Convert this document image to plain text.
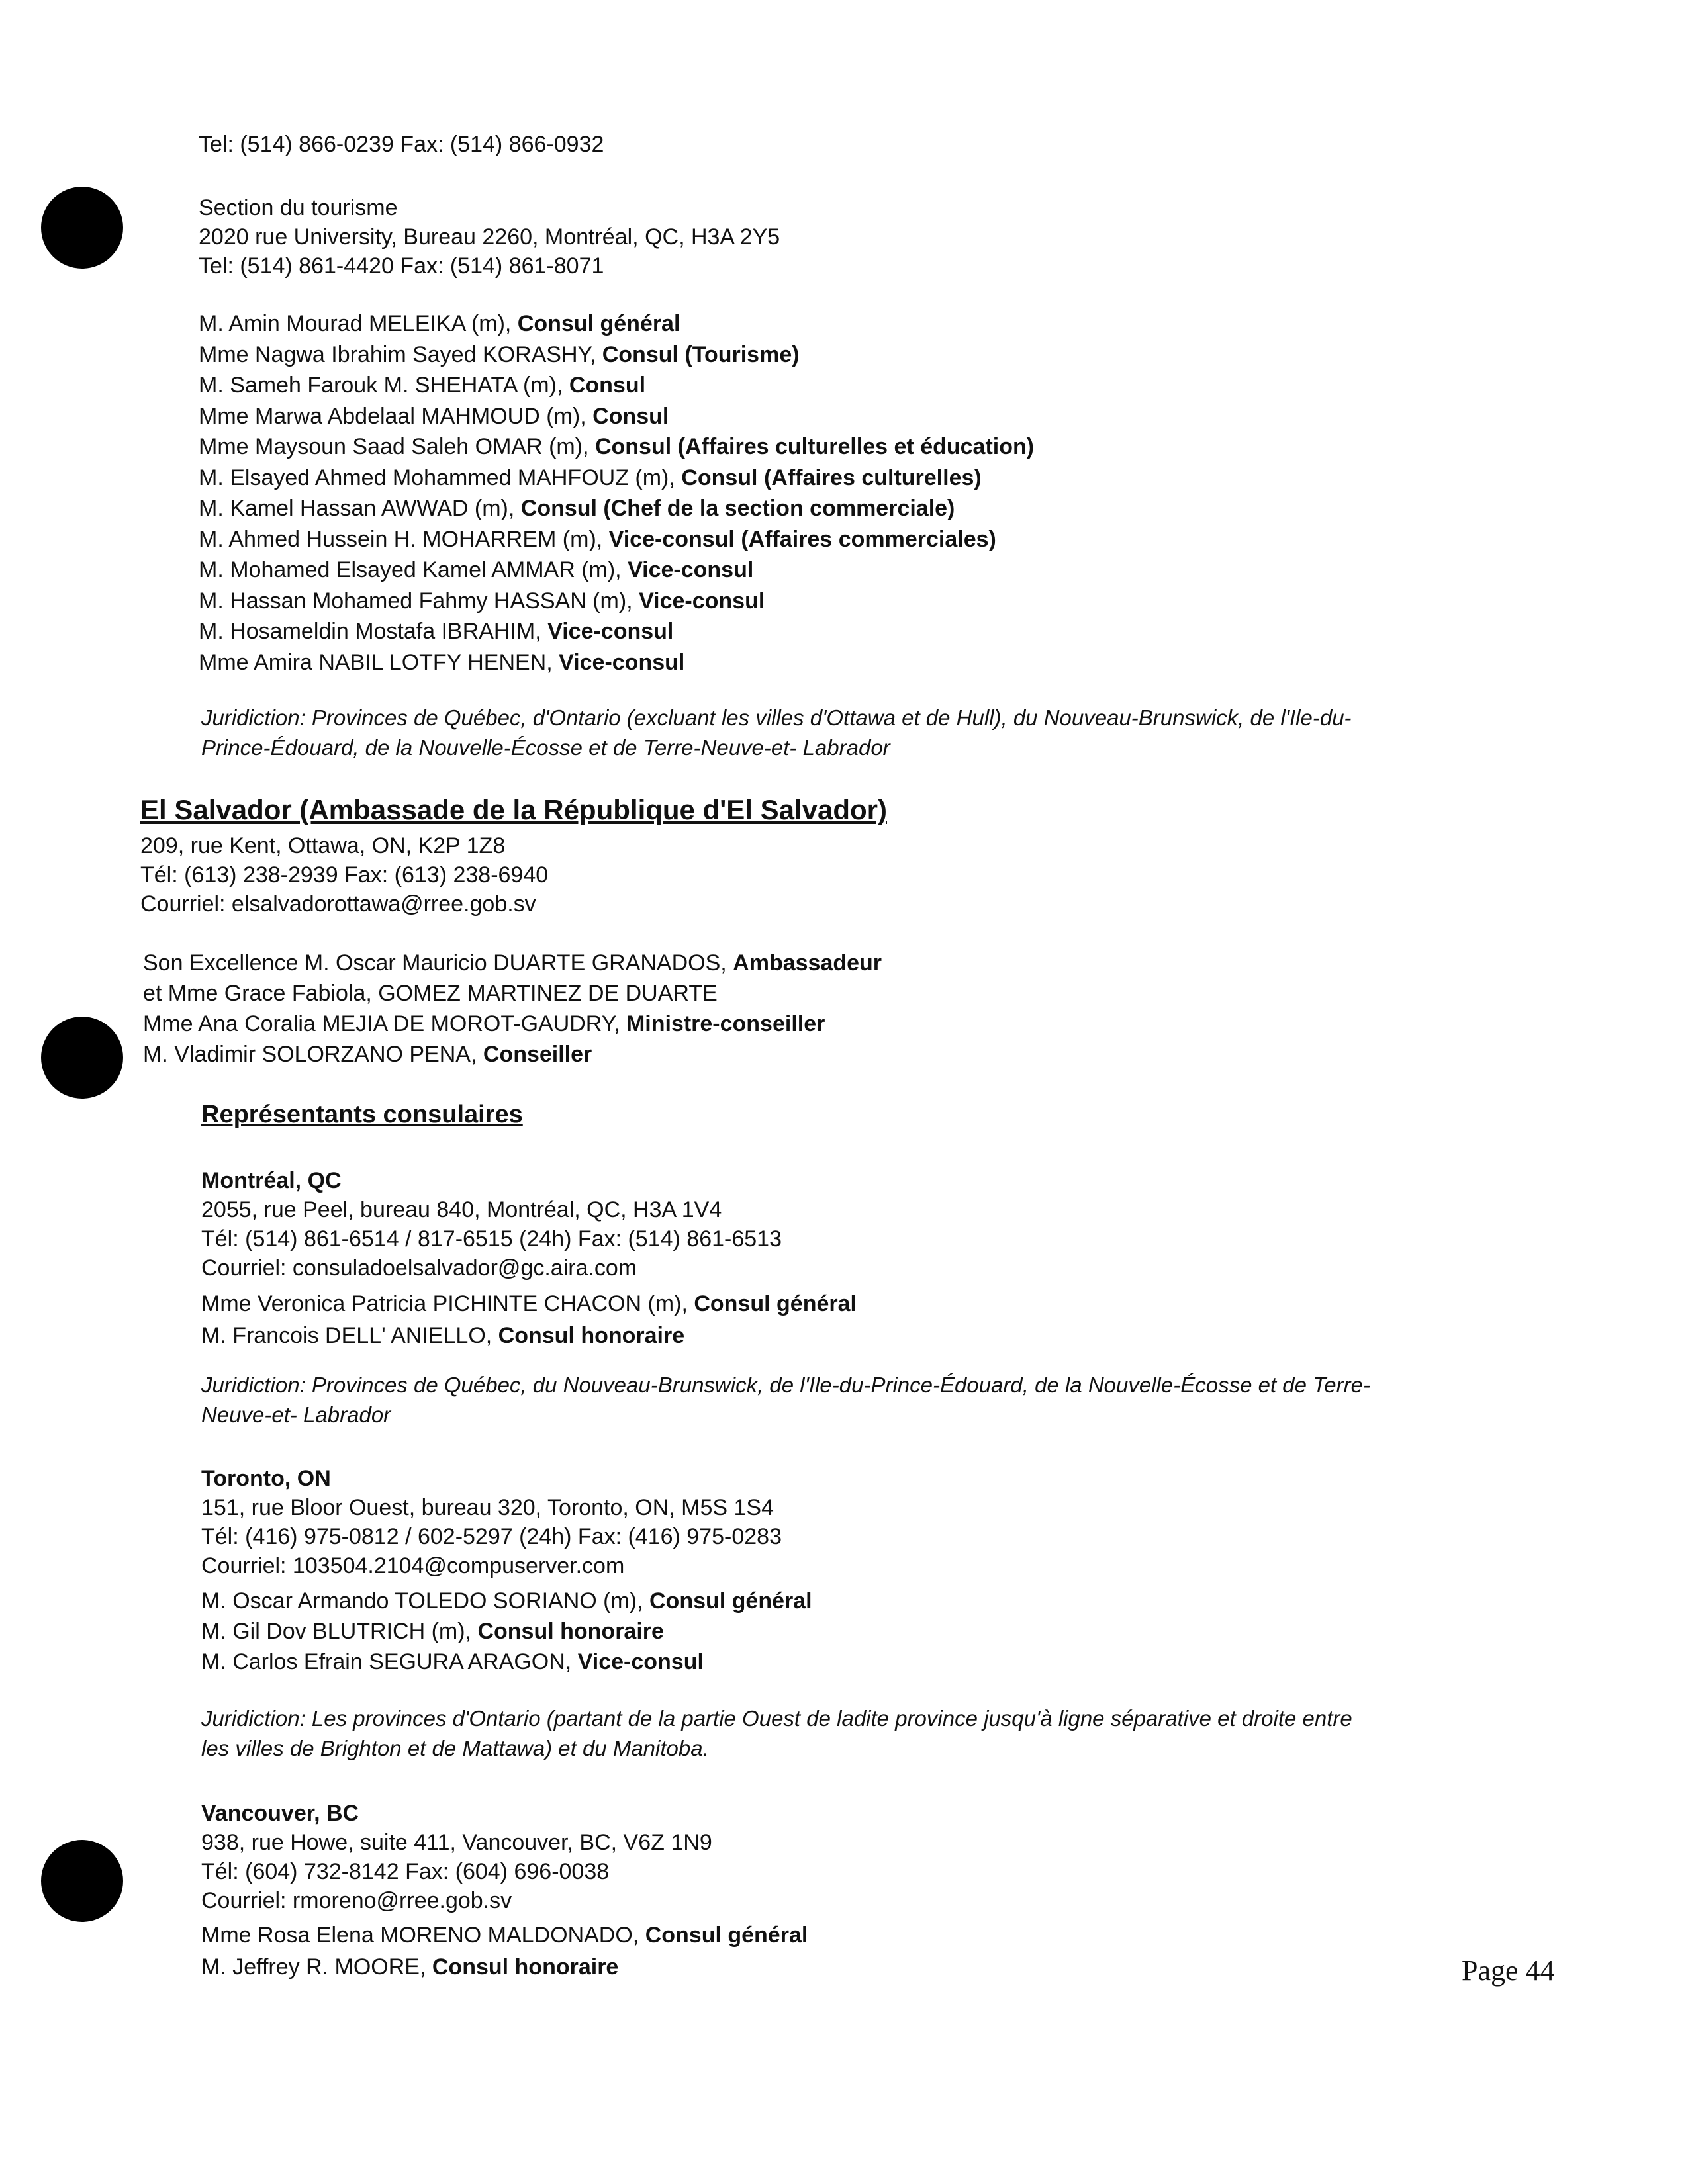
Tel: (514) 866-0239 Fax: (514) 866-0932
Section du tourisme
2020 rue University, Bureau 2260, Montréal, QC, H3A 2Y5
Tel: (514) 861-4420 Fax: (514) 861-8071
M. Amin Mourad MELEIKA (m), Consul général
Mme Nagwa Ibrahim Sayed KORASHY, Consul (Tourisme)
M. Sameh Farouk M. SHEHATA (m), Consul
Mme Marwa Abdelaal MAHMOUD (m), Consul
Mme Maysoun Saad Saleh OMAR (m), Consul (Affaires culturelles et éducation)
M. Elsayed Ahmed Mohammed MAHFOUZ (m), Consul (Affaires culturelles)
M. Kamel Hassan AWWAD (m), Consul (Chef de la section commerciale)
M. Ahmed Hussein H. MOHARREM (m), Vice-consul (Affaires commerciales)
M. Mohamed Elsayed Kamel AMMAR (m), Vice-consul
M. Hassan Mohamed Fahmy HASSAN (m), Vice-consul
M. Hosameldin Mostafa IBRAHIM, Vice-consul
Mme Amira NABIL LOTFY HENEN, Vice-consul
Juridiction: Provinces de Québec, d'Ontario (excluant les villes d'Ottawa et de Hull), du Nouveau-Brunswick, de l'Ile-du-
Prince-Édouard, de la Nouvelle-Écosse et de Terre-Neuve-et- Labrador
El Salvador (Ambassade de la République d'El Salvador)
209, rue Kent, Ottawa, ON, K2P 1Z8
Tél: (613) 238-2939 Fax: (613) 238-6940
Courriel: elsalvadorottawa@rree.gob.sv
Son Excellence M. Oscar Mauricio DUARTE GRANADOS, Ambassadeur
et Mme Grace Fabiola, GOMEZ MARTINEZ DE DUARTE
Mme Ana Coralia MEJIA DE MOROT-GAUDRY, Ministre-conseiller
M. Vladimir SOLORZANO PENA, Conseiller
Représentants consulaires
Montréal, QC
2055, rue Peel, bureau 840, Montréal, QC, H3A 1V4
Tél: (514) 861-6514 / 817-6515 (24h) Fax: (514) 861-6513
Courriel: consuladoelsalvador@gc.aira.com
Mme Veronica Patricia PICHINTE CHACON (m), Consul général
M. Francois DELL' ANIELLO, Consul honoraire
Juridiction: Provinces de Québec, du Nouveau-Brunswick, de l'Ile-du-Prince-Édouard, de la Nouvelle-Écosse et de Terre-
Neuve-et- Labrador
Toronto, ON
151, rue Bloor Ouest, bureau 320, Toronto, ON, M5S 1S4
Tél: (416) 975-0812 / 602-5297 (24h) Fax: (416) 975-0283
Courriel: 103504.2104@compuserver.com
M. Oscar Armando TOLEDO SORIANO (m), Consul général
M. Gil Dov BLUTRICH (m), Consul honoraire
M. Carlos Efrain SEGURA ARAGON, Vice-consul
Juridiction: Les provinces d'Ontario (partant de la partie Ouest de ladite province jusqu'à ligne séparative et droite entre
les villes de Brighton et de Mattawa) et du Manitoba.
Vancouver, BC
938, rue Howe, suite 411, Vancouver, BC, V6Z 1N9
Tél: (604) 732-8142 Fax: (604) 696-0038
Courriel: rmoreno@rree.gob.sv
Mme Rosa Elena MORENO MALDONADO, Consul général
M. Jeffrey R. MOORE, Consul honoraire	Page 44
